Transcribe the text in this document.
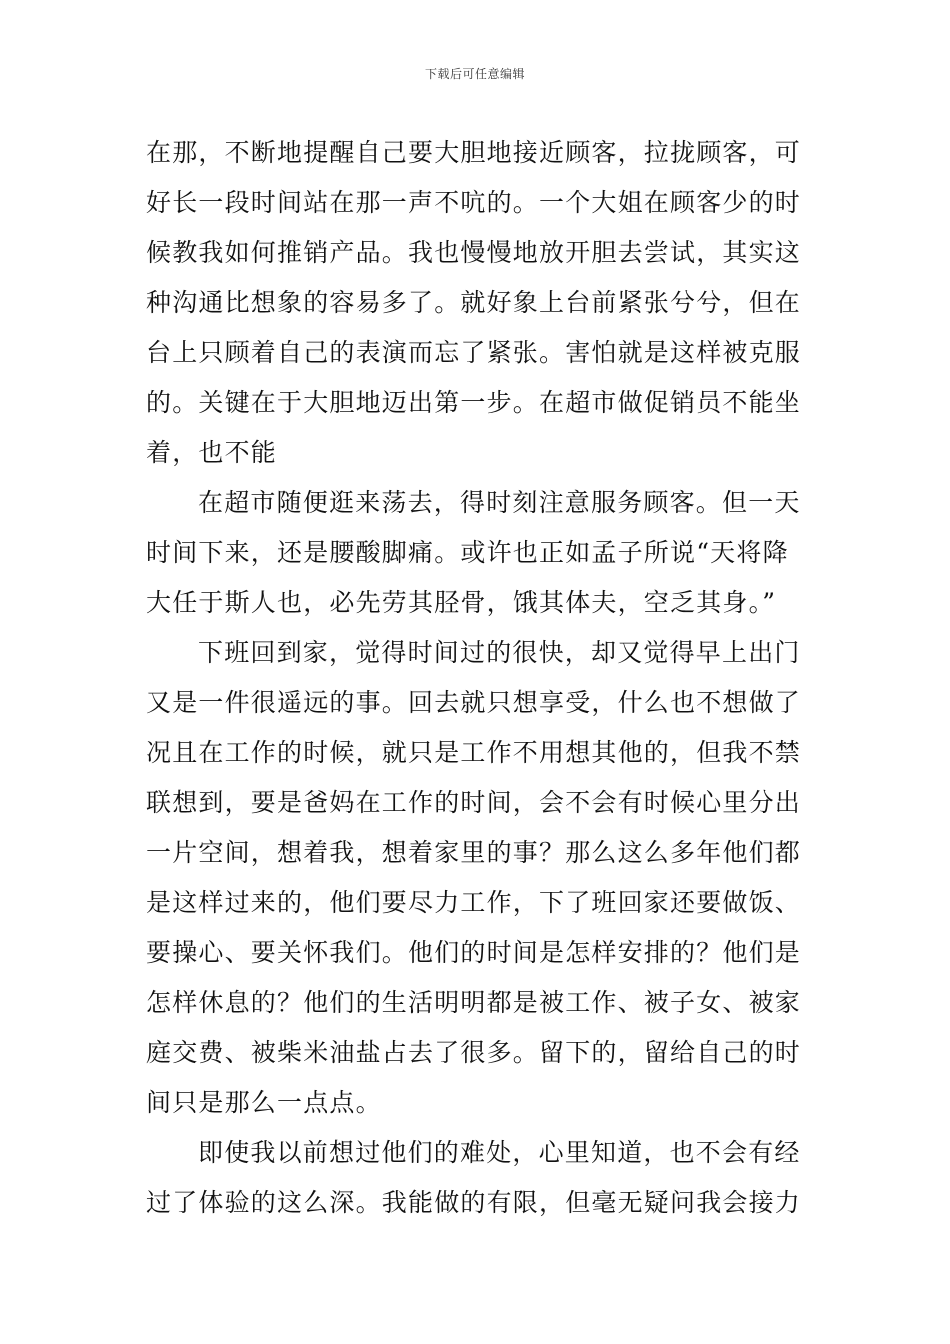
下载后可任意编辑
在那，不断地提醒自己要大胆地接近顾客，拉拢顾客，可
好长一段时间站在那一声不吭的。一个大姐在顾客少的时
候教我如何推销产品。我也慢慢地放开胆去尝试，其实这
种沟通比想象的容易多了。就好象上台前紧张兮兮，但在
台上只顾着自己的表演而忘了紧张。害怕就是这样被克服
的。关键在于大胆地迈出第一步。在超市做促销员不能坐
着，也不能
在超市随便逛来荡去，得时刻注意服务顾客。但一天
时间下来，还是腰酸脚痛。或许也正如孟子所说“天将降
大任于斯人也，必先劳其胫骨，饿其体夫，空乏其身。”
下班回到家，觉得时间过的很快，却又觉得早上出门
又是一件很遥远的事。回去就只想享受，什么也不想做了
况且在工作的时候，就只是工作不用想其他的，但我不禁
联想到，要是爸妈在工作的时间，会不会有时候心里分出
一片空间，想着我，想着家里的事？那么这么多年他们都
是这样过来的，他们要尽力工作，下了班回家还要做饭、
要操心、要关怀我们。他们的时间是怎样安排的？他们是
怎样休息的？他们的生活明明都是被工作、被子女、被家
庭交费、被柴米油盐占去了很多。留下的，留给自己的时
间只是那么一点点。
即使我以前想过他们的难处，心里知道，也不会有经
过了体验的这么深。我能做的有限，但毫无疑问我会接力
